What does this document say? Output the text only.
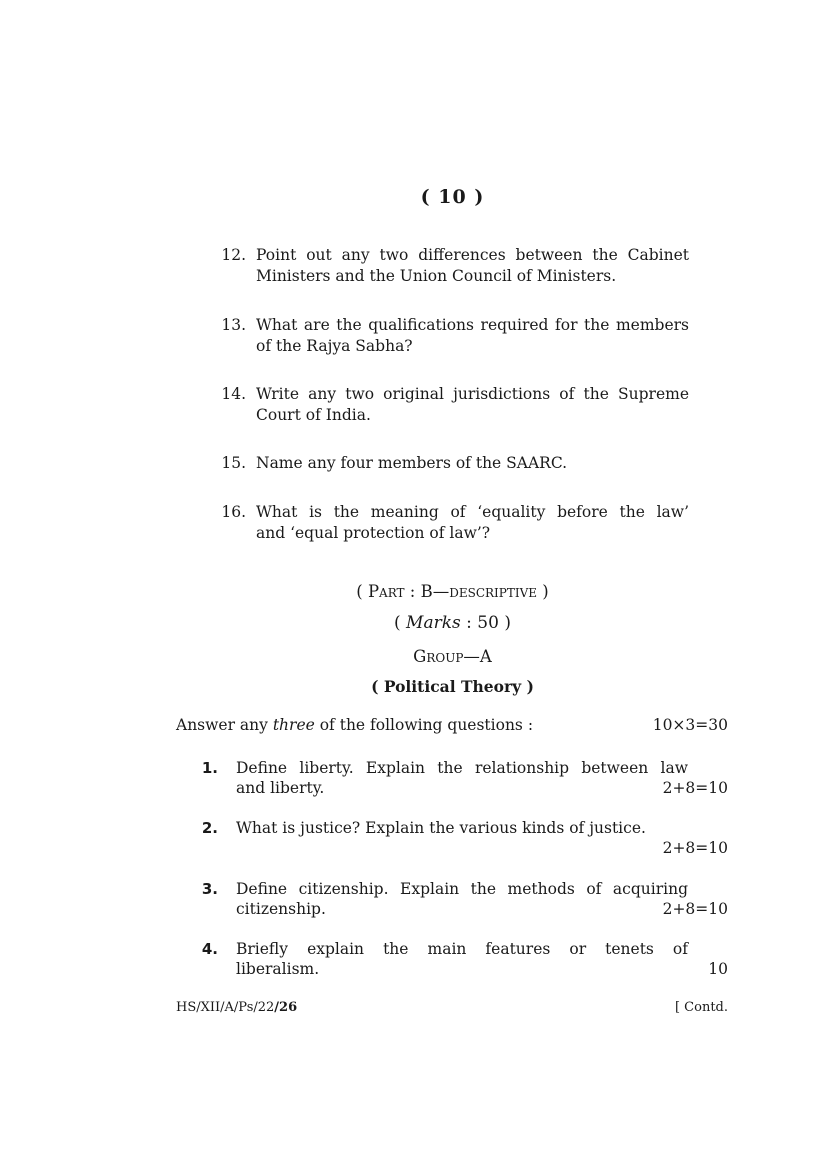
( 10 )
12. Point out any two differences between the Cabinet
Ministers and the Union Council of Ministers.
13. What are the qualifications required for the members
of the Rajya Sabha?
14. Write any two original jurisdictions of the Supreme
Court of India.
15. Name any four members of the SAARC.
16. What is the meaning of ‘equality before the law’
and ‘equal protection of law’?
( Part : B—descriptive )
( Marks : 50 )
Group—A
( Political Theory )
Answer any three of the following questions :	10×3=30
1. Define liberty. Explain the relationship between law
and liberty.	2+8=10
2. What is justice? Explain the various kinds of justice.
2+8=10
3. Define citizenship. Explain the methods of acquiring
citizenship.	2+8=10
4. Briefly explain the main features or tenets of
liberalism.	10
HS/XII/A/Ps/22/26	[ Contd.
